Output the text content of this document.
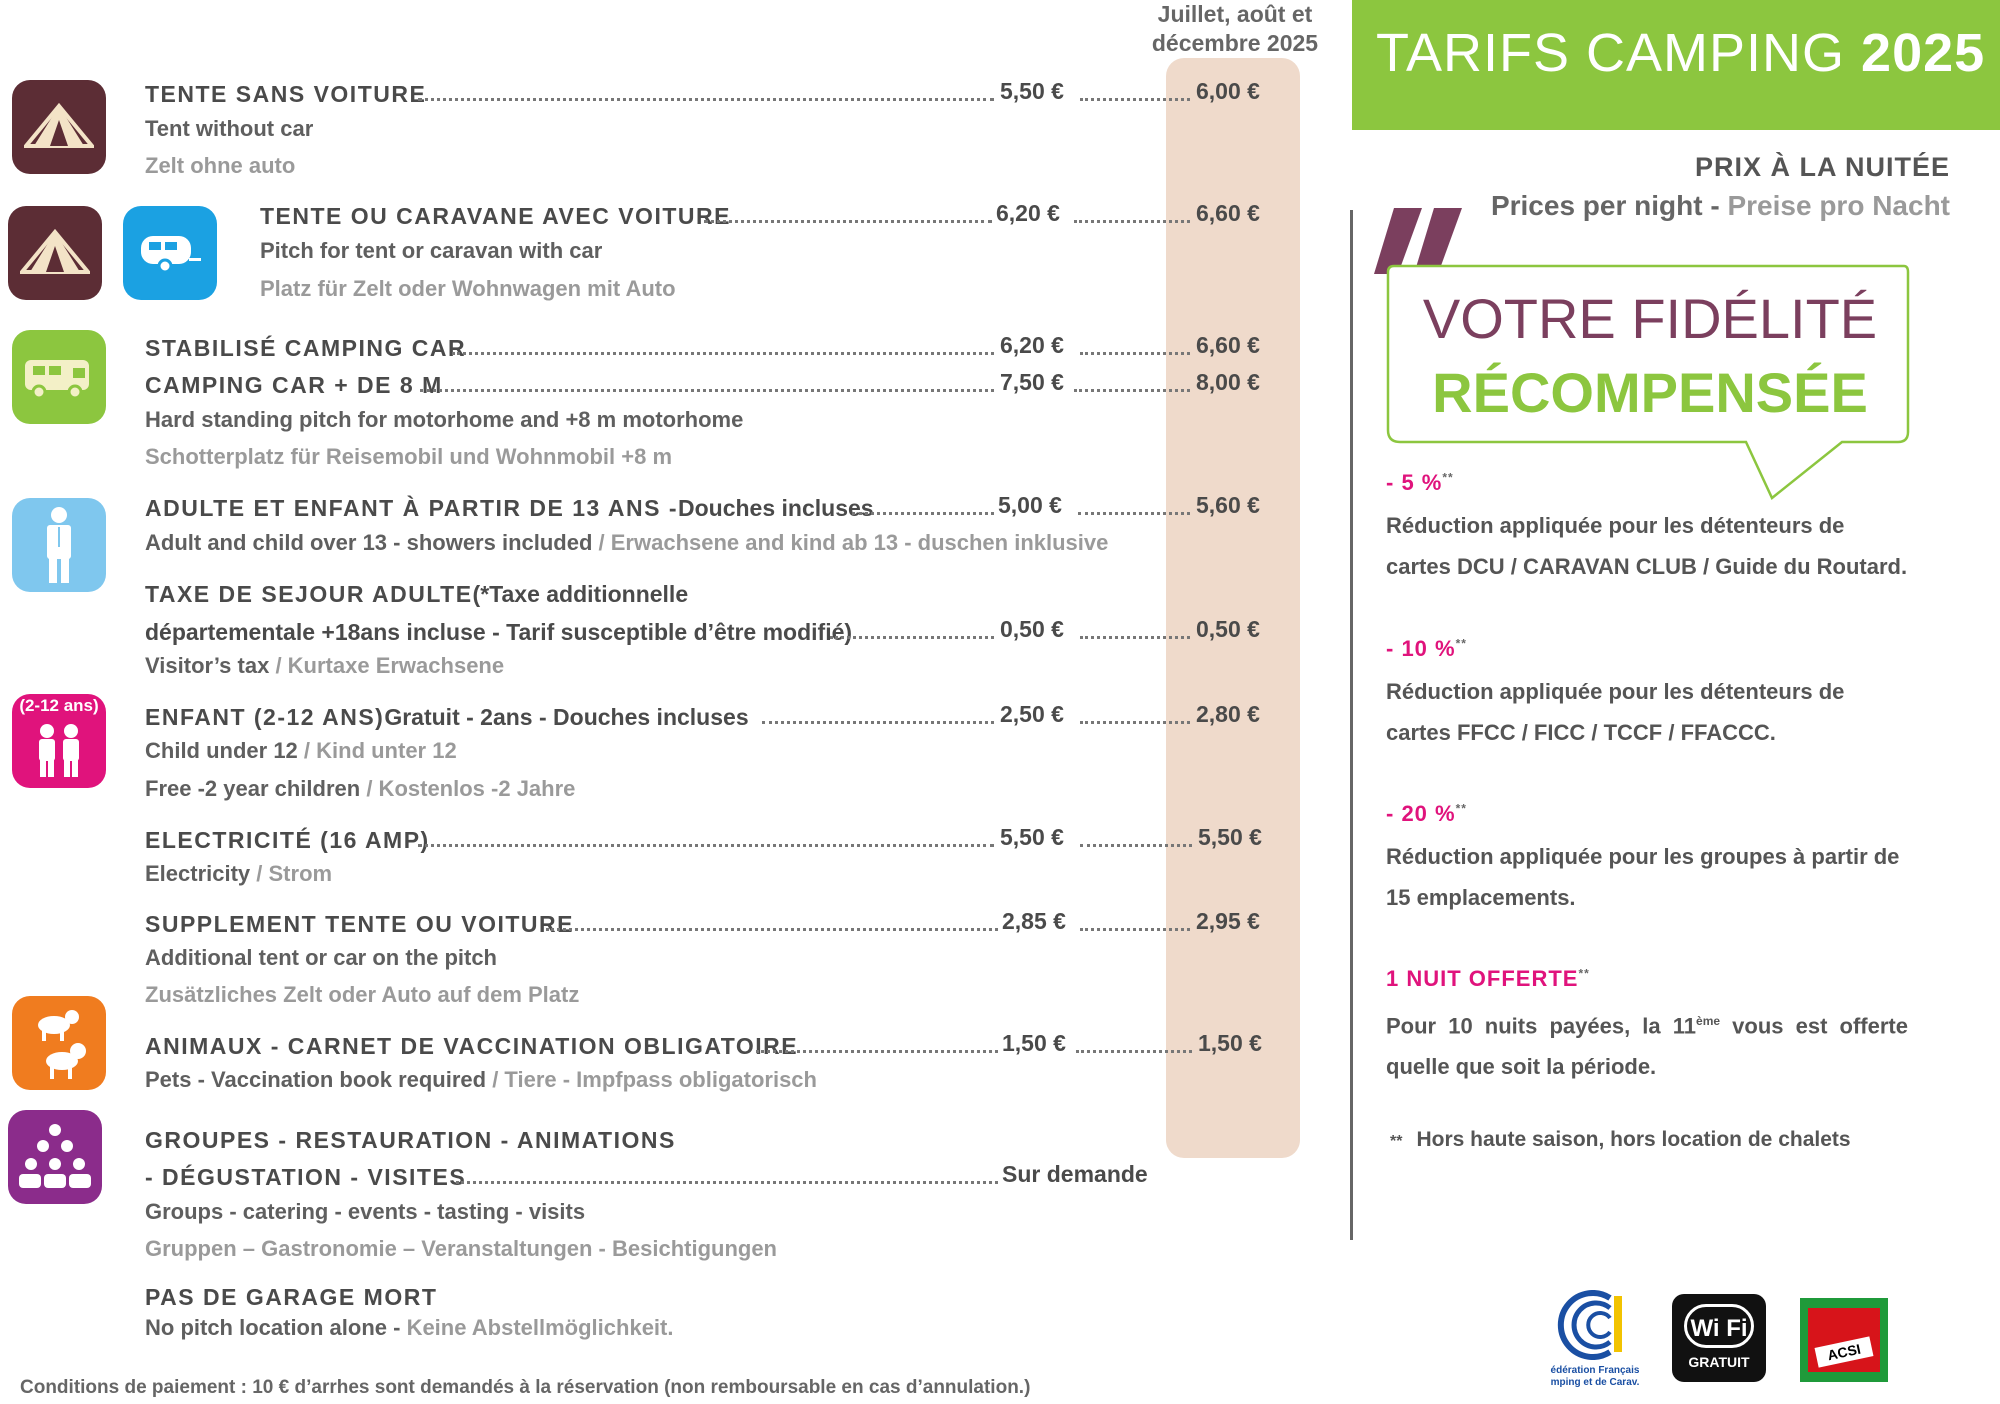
Juillet, août et décembre 2025 TARIFS CAMPING 2025
PRIX À LA NUITÉE
Prices per night - Preise pro Nacht
VOTRE FIDÉLITÉ
RÉCOMPENSÉE
- 5 %**
Réduction appliquée pour les détenteurs de cartes DCU / CARAVAN CLUB / Guide du Routard.
- 10 %**
Réduction appliquée pour les détenteurs de cartes FFCC / FICC / TCCF / FFACCC.
- 20 %**
Réduction appliquée pour les groupes à partir de 15 emplacements.
1 NUIT OFFERTE**
Pour 10 nuits payées, la 11ème vous est offerte quelle que soit la période.
** Hors haute saison, hors location de chalets
(2-12 ans)
TENTE SANS VOITURE	5,50 €	6,00 €
Tent without car
Zelt ohne auto
TENTE OU CARAVANE AVEC VOITURE	6,20 €	6,60 €
Pitch for tent or caravan with car
Platz für Zelt oder Wohnwagen mit Auto
STABILISÉ CAMPING CAR	6,20 €	6,60 €
CAMPING CAR + DE 8 M	7,50 €	8,00 €
Hard standing pitch for motorhome and +8 m motorhome
Schotterplatz für Reisemobil und Wohnmobil +8 m
ADULTE ET ENFANT À PARTIR DE 13 ANS - Douches incluses	5,00 €	5,60 €
Adult and child over 13 - showers included / Erwachsene and kind ab 13 - duschen inklusive
TAXE DE SEJOUR ADULTE (*Taxe additionnelle
départementale +18ans incluse - Tarif susceptible d’être modifié)	0,50 €	0,50 €
Visitor’s tax / Kurtaxe Erwachsene
ENFANT (2-12 ANS) Gratuit - 2ans - Douches incluses	2,50 €	2,80 €
Child under 12 / Kind unter 12
Free -2 year children / Kostenlos -2 Jahre
ELECTRICITÉ (16 AMP)	5,50 €	5,50 €
Electricity / Strom
SUPPLEMENT TENTE OU VOITURE	2,85 €	2,95 €
Additional tent or car on the pitch
Zusätzliches Zelt oder Auto auf dem Platz
ANIMAUX - CARNET DE VACCINATION OBLIGATOIRE	1,50 €	1,50 €
Pets - Vaccination book required / Tiere - Impfpass obligatorisch
GROUPES - RESTAURATION - ANIMATIONS
- DÉGUSTATION - VISITES	Sur demande
Groups - catering - events - tasting - visits
Gruppen – Gastronomie – Veranstaltungen - Besichtigungen
PAS DE GARAGE MORT
No pitch location alone - Keine Abstellmöglichkeit.
édération Français
mping et de Carav.
Wi Fi
GRATUIT	ACSI
Conditions de paiement : 10 € d’arrhes sont demandés à la réservation (non remboursable en cas d’annulation.)
